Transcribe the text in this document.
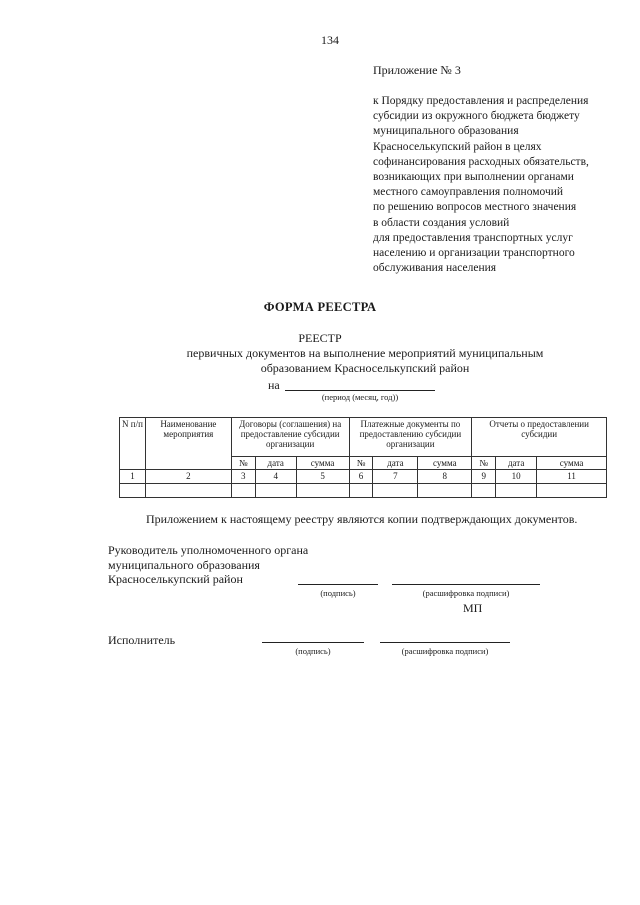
134
Приложение № 3
к Порядку предоставления и распределения
субсидии из окружного бюджета бюджету
муниципального образования
Красноселькупский район в целях
софинансирования расходных обязательств,
возникающих при выполнении органами
местного самоуправления полномочий
по решению вопросов местного значения
в области создания условий
для предоставления транспортных услуг
населению и организации транспортного
обслуживания населения
ФОРМА РЕЕСТРА
РЕЕСТР
первичных документов на выполнение мероприятий муниципальным
образованием Красноселькупский район
на
(период (месяц, год))
N п/п	Наименование мероприятия	Договоры (соглашения) на предоставление субсидии организации			Платежные документы по предоставлению субсидии организации			Отчеты о предоставлении субсидии		
		№	дата	сумма	№	дата	сумма	№	дата	сумма
1	2	3	4	5	6	7	8	9	10	11

Приложением к настоящему реестру являются копии подтверждающих документов.
Руководитель уполномоченного органа
муниципального образования
Красноселькупский район
(подпись)	(расшифровка подписи)
МП
Исполнитель
(подпись)	(расшифровка подписи)
